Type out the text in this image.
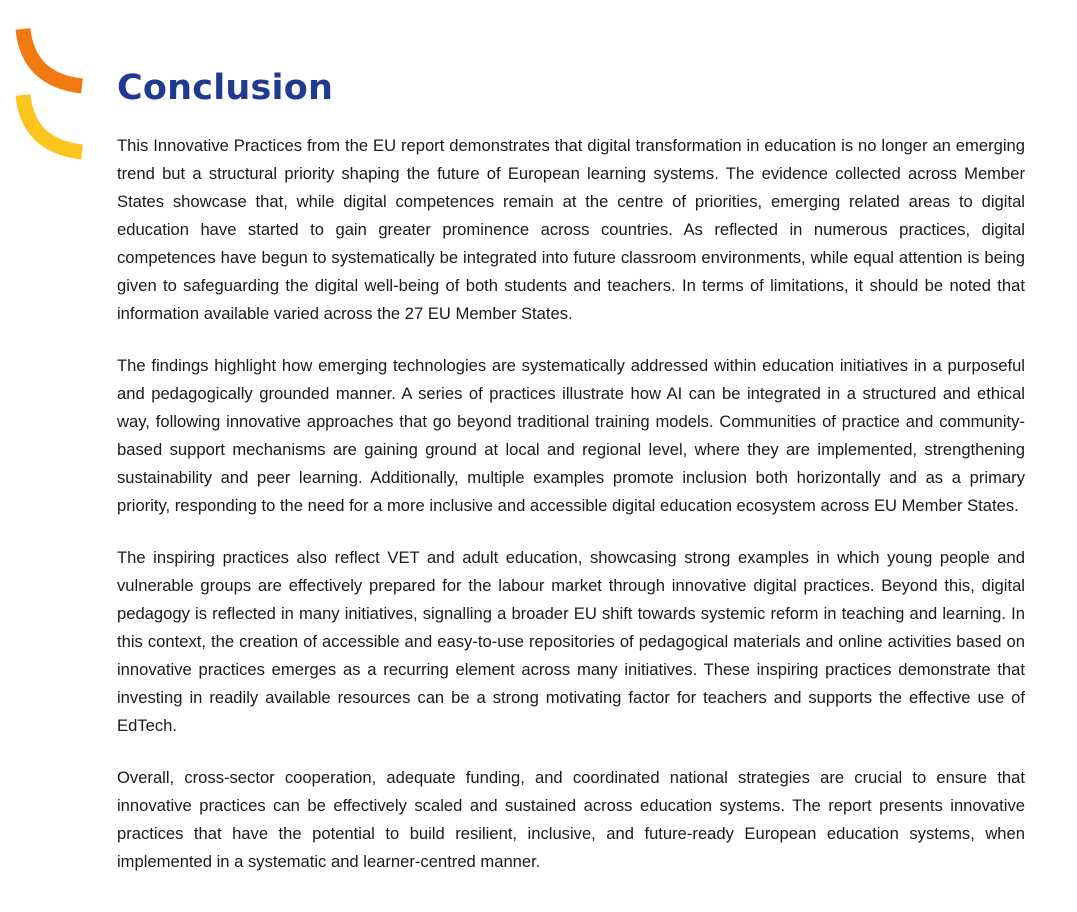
Conclusion

This Innovative Practices from the EU report demonstrates that digital transformation in education is no longer an emerging trend but a structural priority shaping the future of European learning systems. The evidence collected across Member States showcase that, while digital competences remain at the centre of priorities, emerging related areas to digital education have started to gain greater prominence across countries. As reflected in numerous practices, digital competences have begun to systematically be integrated into future classroom environments, while equal attention is being given to safeguarding the digital well-being of both students and teachers. In terms of limitations, it should be noted that information available varied across the 27 EU Member States.

The findings highlight how emerging technologies are systematically addressed within education initiatives in a purposeful and pedagogically grounded manner. A series of practices illustrate how AI can be integrated in a structured and ethical way, following innovative approaches that go beyond traditional training models. Communities of practice and community-based support mechanisms are gaining ground at local and regional level, where they are implemented, strengthening sustainability and peer learning. Additionally, multiple examples promote inclusion both horizontally and as a primary priority, responding to the need for a more inclusive and accessible digital education ecosystem across EU Member States.

The inspiring practices also reflect VET and adult education, showcasing strong examples in which young people and vulnerable groups are effectively prepared for the labour market through innovative digital practices. Beyond this, digital pedagogy is reflected in many initiatives, signalling a broader EU shift towards systemic reform in teaching and learning. In this context, the creation of accessible and easy-to-use repositories of pedagogical materials and online activities based on innovative practices emerges as a recurring element across many initiatives. These inspiring practices demonstrate that investing in readily available resources can be a strong motivating factor for teachers and supports the effective use of EdTech.

Overall, cross-sector cooperation, adequate funding, and coordinated national strategies are crucial to ensure that innovative practices can be effectively scaled and sustained across education systems. The report presents innovative practices that have the potential to build resilient, inclusive, and future-ready European education systems, when implemented in a systematic and learner-centred manner.
